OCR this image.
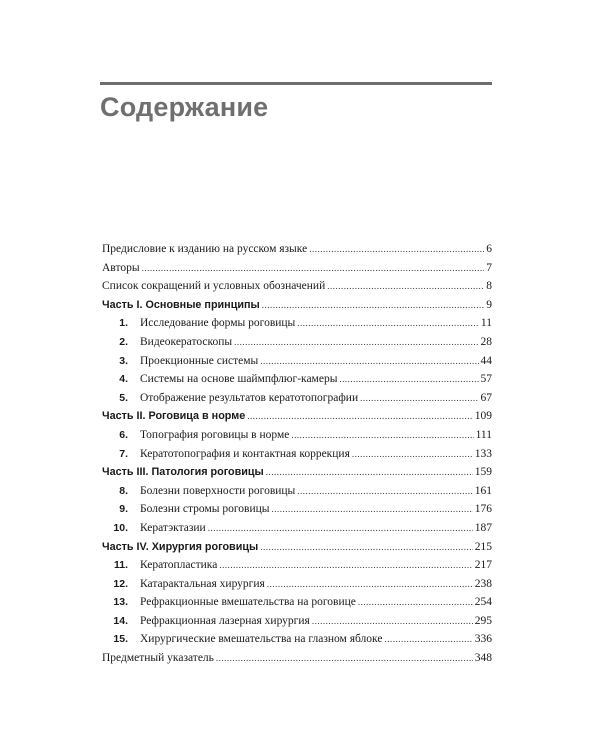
Содержание
Предисловие к изданию на русском языке .....	6
Авторы .....	7
Список сокращений и условных обозначений .....	8
Часть I. Основные принципы .....	9
1.	Исследование формы роговицы .....	11
2.	Видеокератоскопы .....	28
3.	Проекционные системы .....	44
4.	Системы на основе шаймпфлюг-камеры .....	57
5.	Отображение результатов кератотопографии .....	67
Часть II. Роговица в норме .....	109
6.	Топография роговицы в норме .....	111
7.	Кератотопография и контактная коррекция .....	133
Часть III. Патология роговицы .....	159
8.	Болезни поверхности роговицы .....	161
9.	Болезни стромы роговицы .....	176
10.	Кератэктазии .....	187
Часть IV. Хирургия роговицы .....	215
11.	Кератопластика .....	217
12.	Катарактальная хирургия .....	238
13.	Рефракционные вмешательства на роговице .....	254
14.	Рефракционная лазерная хирургия .....	295
15.	Хирургические вмешательства на глазном яблоке .....	336
Предметный указатель .....	348
